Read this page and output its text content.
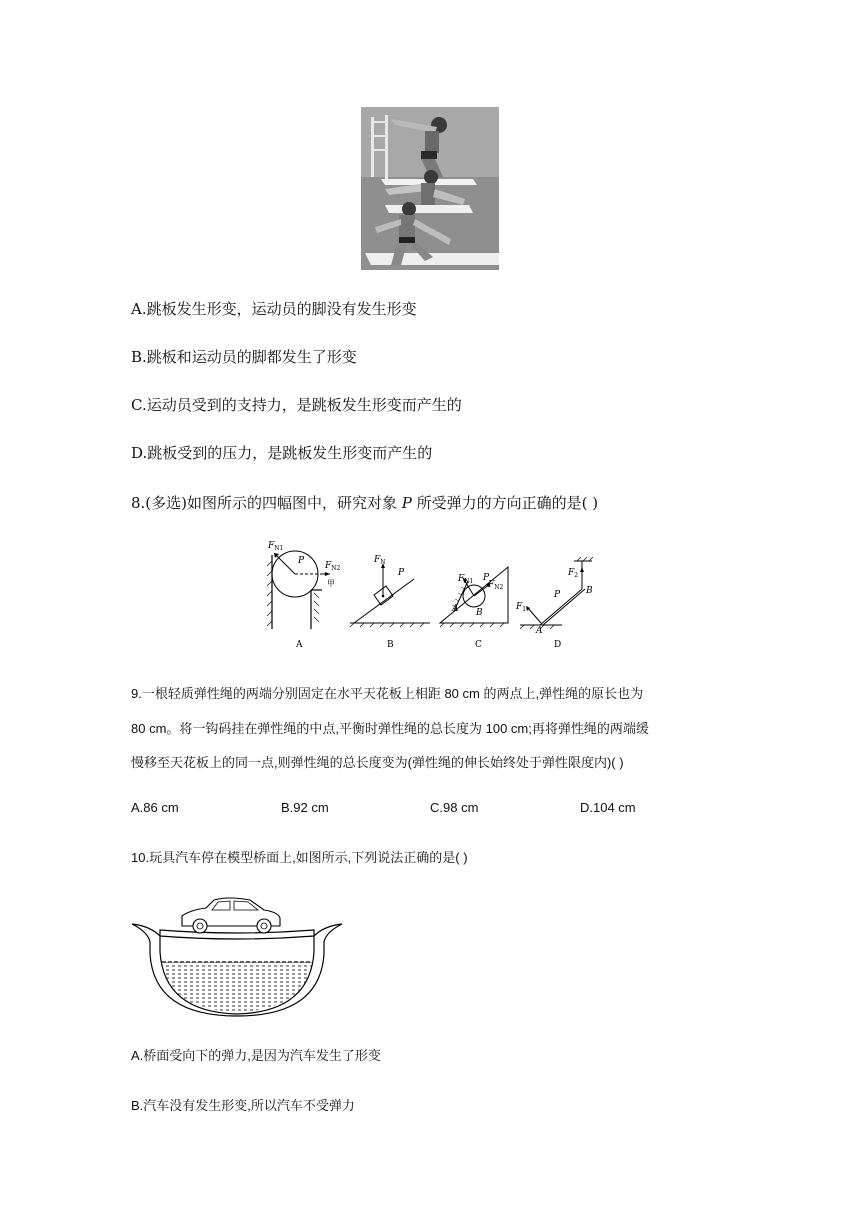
A.跳板发生形变，运动员的脚没有发生形变
B.跳板和运动员的脚都发生了形变
C.运动员受到的支持力，是跳板发生形变而产生的
D.跳板受到的压力，是跳板发生形变而产生的
8.(多选)如图所示的四幅图中，研究对象 P 所受弹力的方向正确的是( )
$F_{N1}$
P $F_{N2}$
甲
A
$F_N$
P
B
$F_{N1}$ P
$F_{N2}$
A B
C
$F_1$
$F_2$
P	B
A
D
9.一根轻质弹性绳的两端分别固定在水平天花板上相距 80 cm 的两点上,弹性绳的原长也为
80 cm。将一钩码挂在弹性绳的中点,平衡时弹性绳的总长度为 100 cm;再将弹性绳的两端缓
慢移至天花板上的同一点,则弹性绳的总长度变为(弹性绳的伸长始终处于弹性限度内)( )
A.86 cm	B.92 cm	C.98 cm	D.104 cm
10.玩具汽车停在模型桥面上,如图所示,下列说法正确的是( )
A.桥面受向下的弹力,是因为汽车发生了形变
B.汽车没有发生形变,所以汽车不受弹力
